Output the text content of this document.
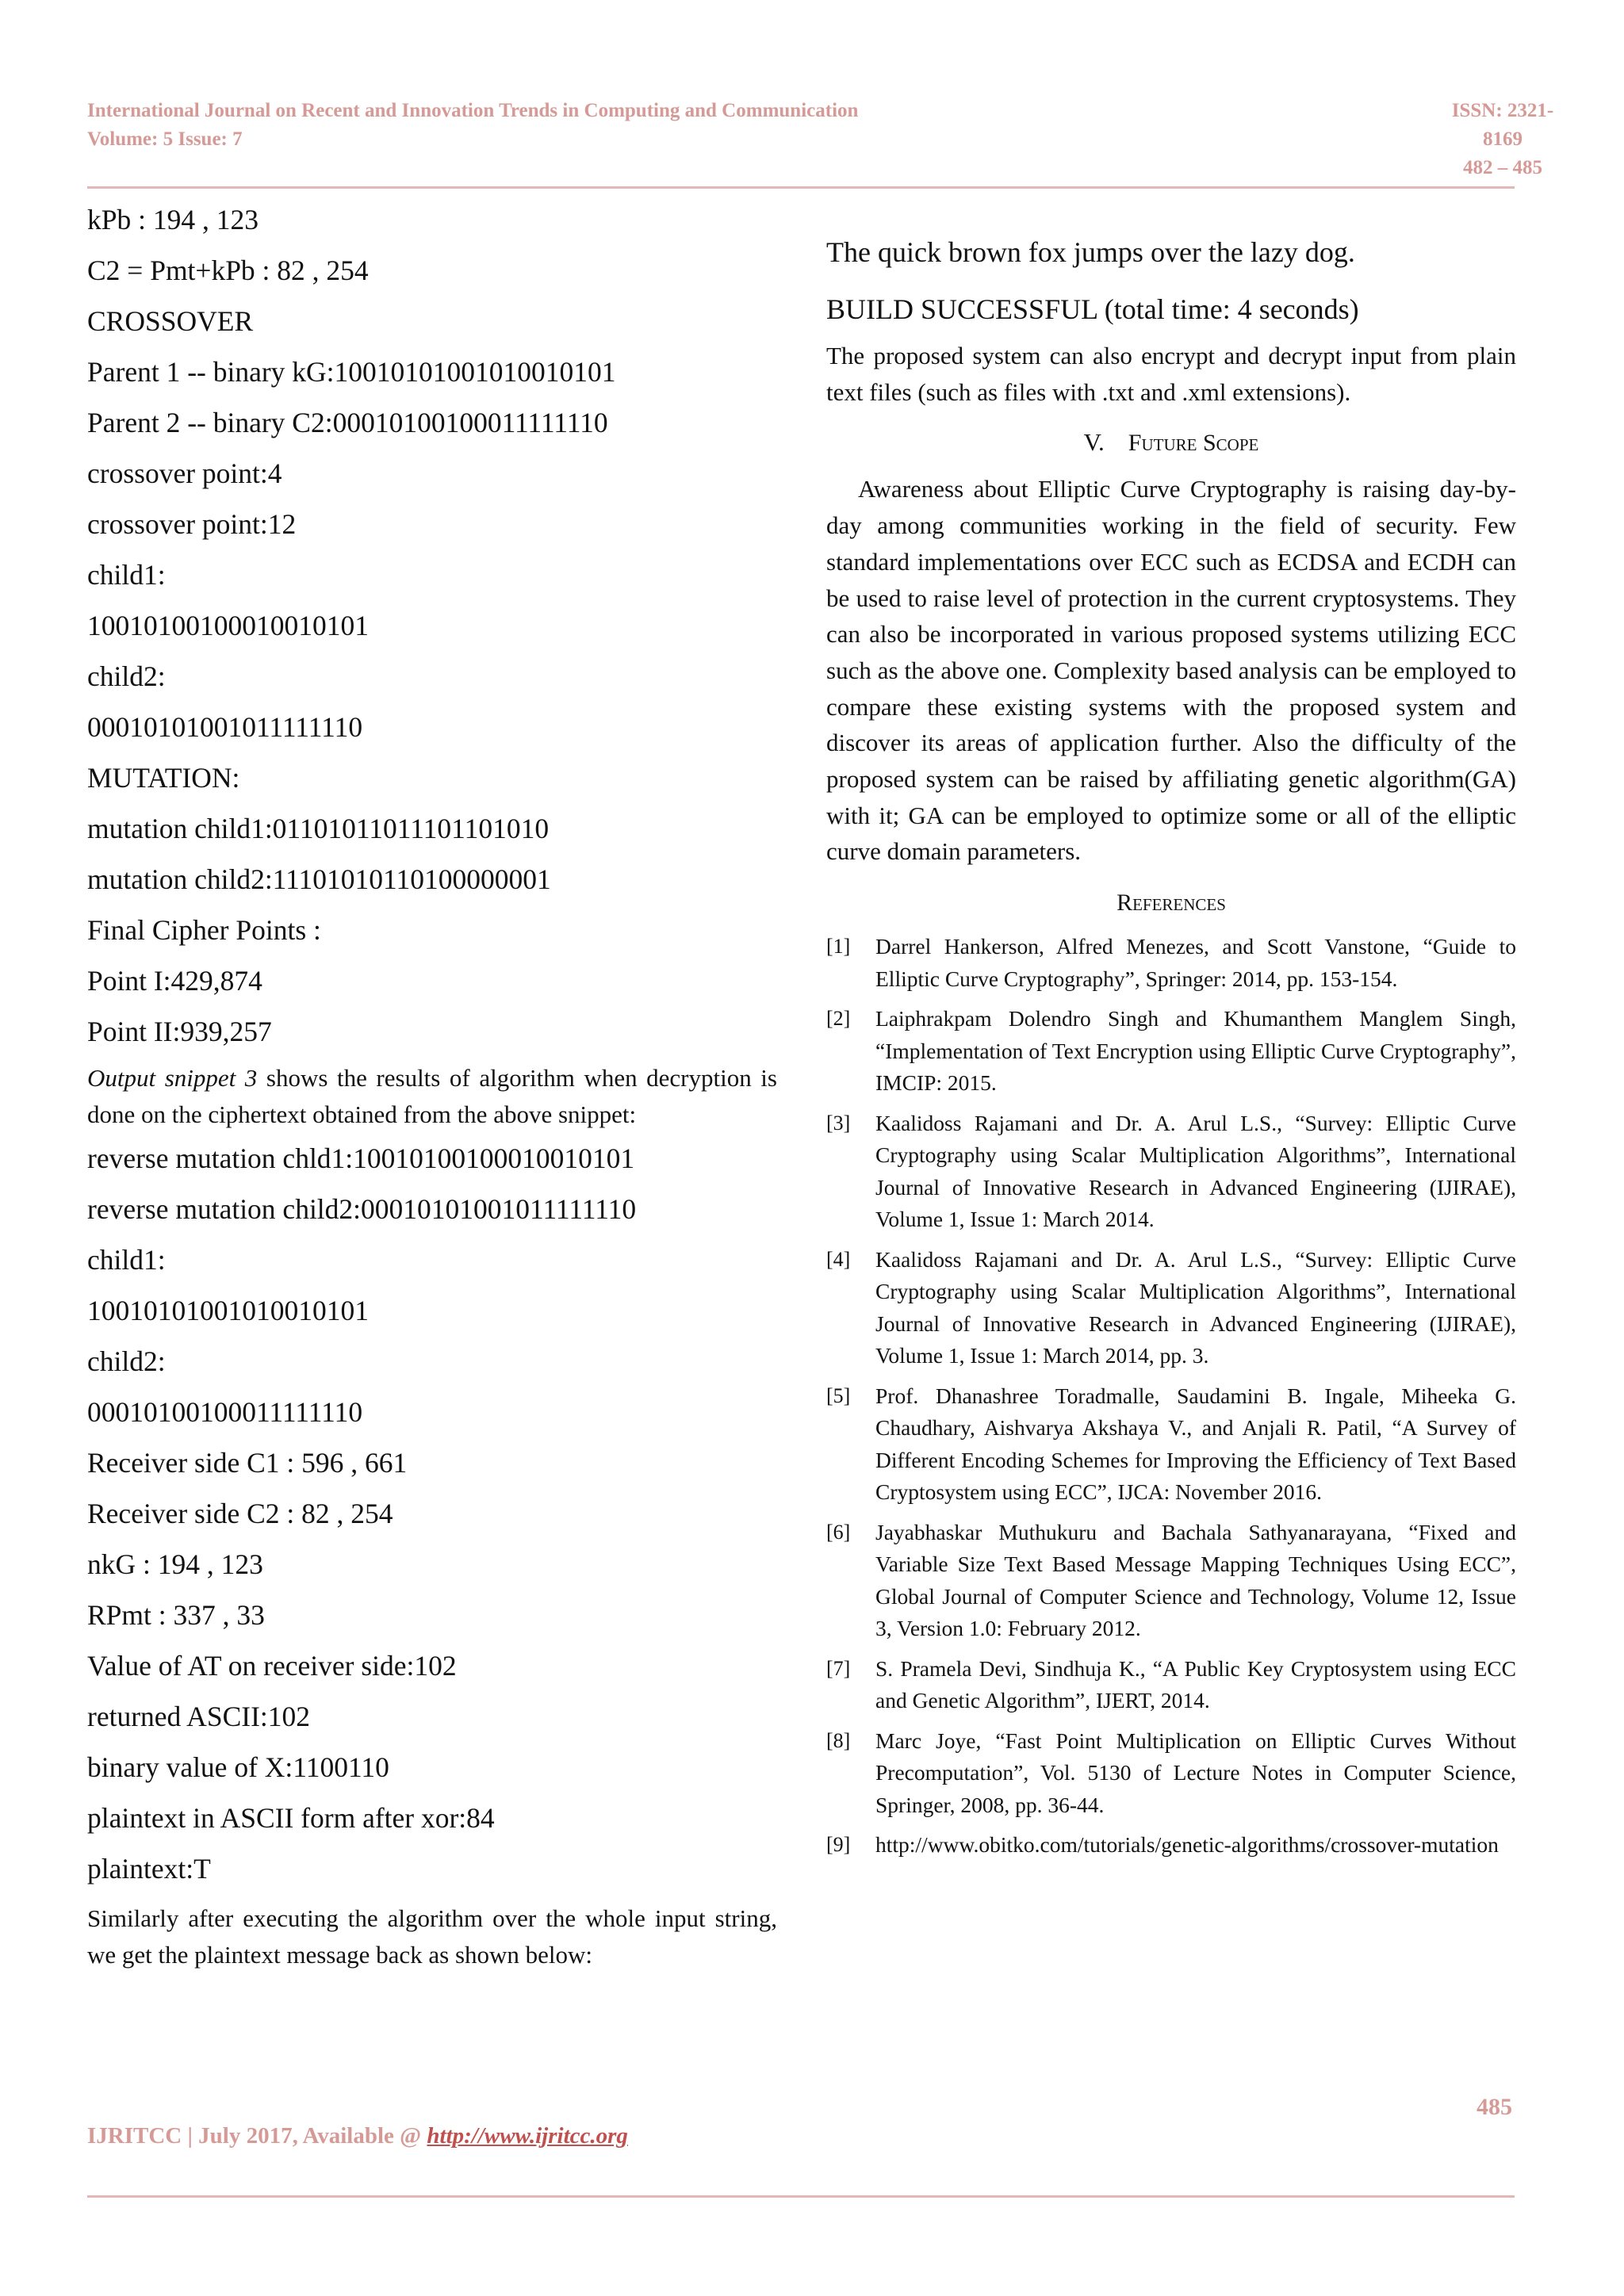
International Journal on Recent and Innovation Trends in Computing and Communication
Volume: 5 Issue: 7
ISSN: 2321-8169
482 – 485
kPb : 194 , 123
C2 = Pmt+kPb : 82 , 254
CROSSOVER
Parent 1 -- binary kG:10010101001010010101
Parent 2 -- binary C2:00010100100011111110
crossover point:4
crossover point:12
child1:
10010100100010010101
child2:
00010101001011111110
MUTATION:
mutation child1:01101011011101101010
mutation child2:11101010110100000001
Final Cipher Points :
Point I:429,874
Point II:939,257

Output snippet 3 shows the results of algorithm when decryption is done on the ciphertext obtained from the above snippet:

reverse mutation chld1:10010100100010010101
reverse mutation child2:00010101001011111110
child1:
10010101001010010101
child2:
00010100100011111110
Receiver side C1 : 596 , 661
Receiver side C2 : 82 , 254
nkG : 194 , 123
RPmt : 337 , 33
Value of AT on receiver side:102
returned ASCII:102
binary value of X:1100110
plaintext in ASCII form after xor:84
plaintext:T

Similarly after executing the algorithm over the whole input string, we get the plaintext message back as shown below:

The quick brown fox jumps over the lazy dog.
BUILD SUCCESSFUL (total time: 4 seconds)

The proposed system can also encrypt and decrypt input from plain text files (such as files with .txt and .xml extensions).

V. Future Scope

Awareness about Elliptic Curve Cryptography is raising day-by-day among communities working in the field of security. Few standard implementations over ECC such as ECDSA and ECDH can be used to raise level of protection in the current cryptosystems. They can also be incorporated in various proposed systems utilizing ECC such as the above one. Complexity based analysis can be employed to compare these existing systems with the proposed system and discover its areas of application further. Also the difficulty of the proposed system can be raised by affiliating genetic algorithm(GA) with it; GA can be employed to optimize some or all of the elliptic curve domain parameters.

References
[1] Darrel Hankerson, Alfred Menezes, and Scott Vanstone, “Guide to Elliptic Curve Cryptography”, Springer: 2014, pp. 153-154.
[2] Laiphrakpam Dolendro Singh and Khumanthem Manglem Singh, “Implementation of Text Encryption using Elliptic Curve Cryptography”, IMCIP: 2015.
[3] Kaalidoss Rajamani and Dr. A. Arul L.S., “Survey: Elliptic Curve Cryptography using Scalar Multiplication Algorithms”, International Journal of Innovative Research in Advanced Engineering (IJIRAE), Volume 1, Issue 1: March 2014.
[4] Kaalidoss Rajamani and Dr. A. Arul L.S., “Survey: Elliptic Curve Cryptography using Scalar Multiplication Algorithms”, International Journal of Innovative Research in Advanced Engineering (IJIRAE), Volume 1, Issue 1: March 2014, pp. 3.
[5] Prof. Dhanashree Toradmalle, Saudamini B. Ingale, Miheeka G. Chaudhary, Aishvarya Akshaya V., and Anjali R. Patil, “A Survey of Different Encoding Schemes for Improving the Efficiency of Text Based Cryptosystem using ECC”, IJCA: November 2016.
[6] Jayabhaskar Muthukuru and Bachala Sathyanarayana, “Fixed and Variable Size Text Based Message Mapping Techniques Using ECC”, Global Journal of Computer Science and Technology, Volume 12, Issue 3, Version 1.0: February 2012.
[7] S. Pramela Devi, Sindhuja K., “A Public Key Cryptosystem using ECC and Genetic Algorithm”, IJERT, 2014.
[8] Marc Joye, “Fast Point Multiplication on Elliptic Curves Without Precomputation”, Vol. 5130 of Lecture Notes in Computer Science, Springer, 2008, pp. 36-44.
[9] http://www.obitko.com/tutorials/genetic-algorithms/crossover-mutation
485
IJRITCC | July 2017, Available @ http://www.ijritcc.org
